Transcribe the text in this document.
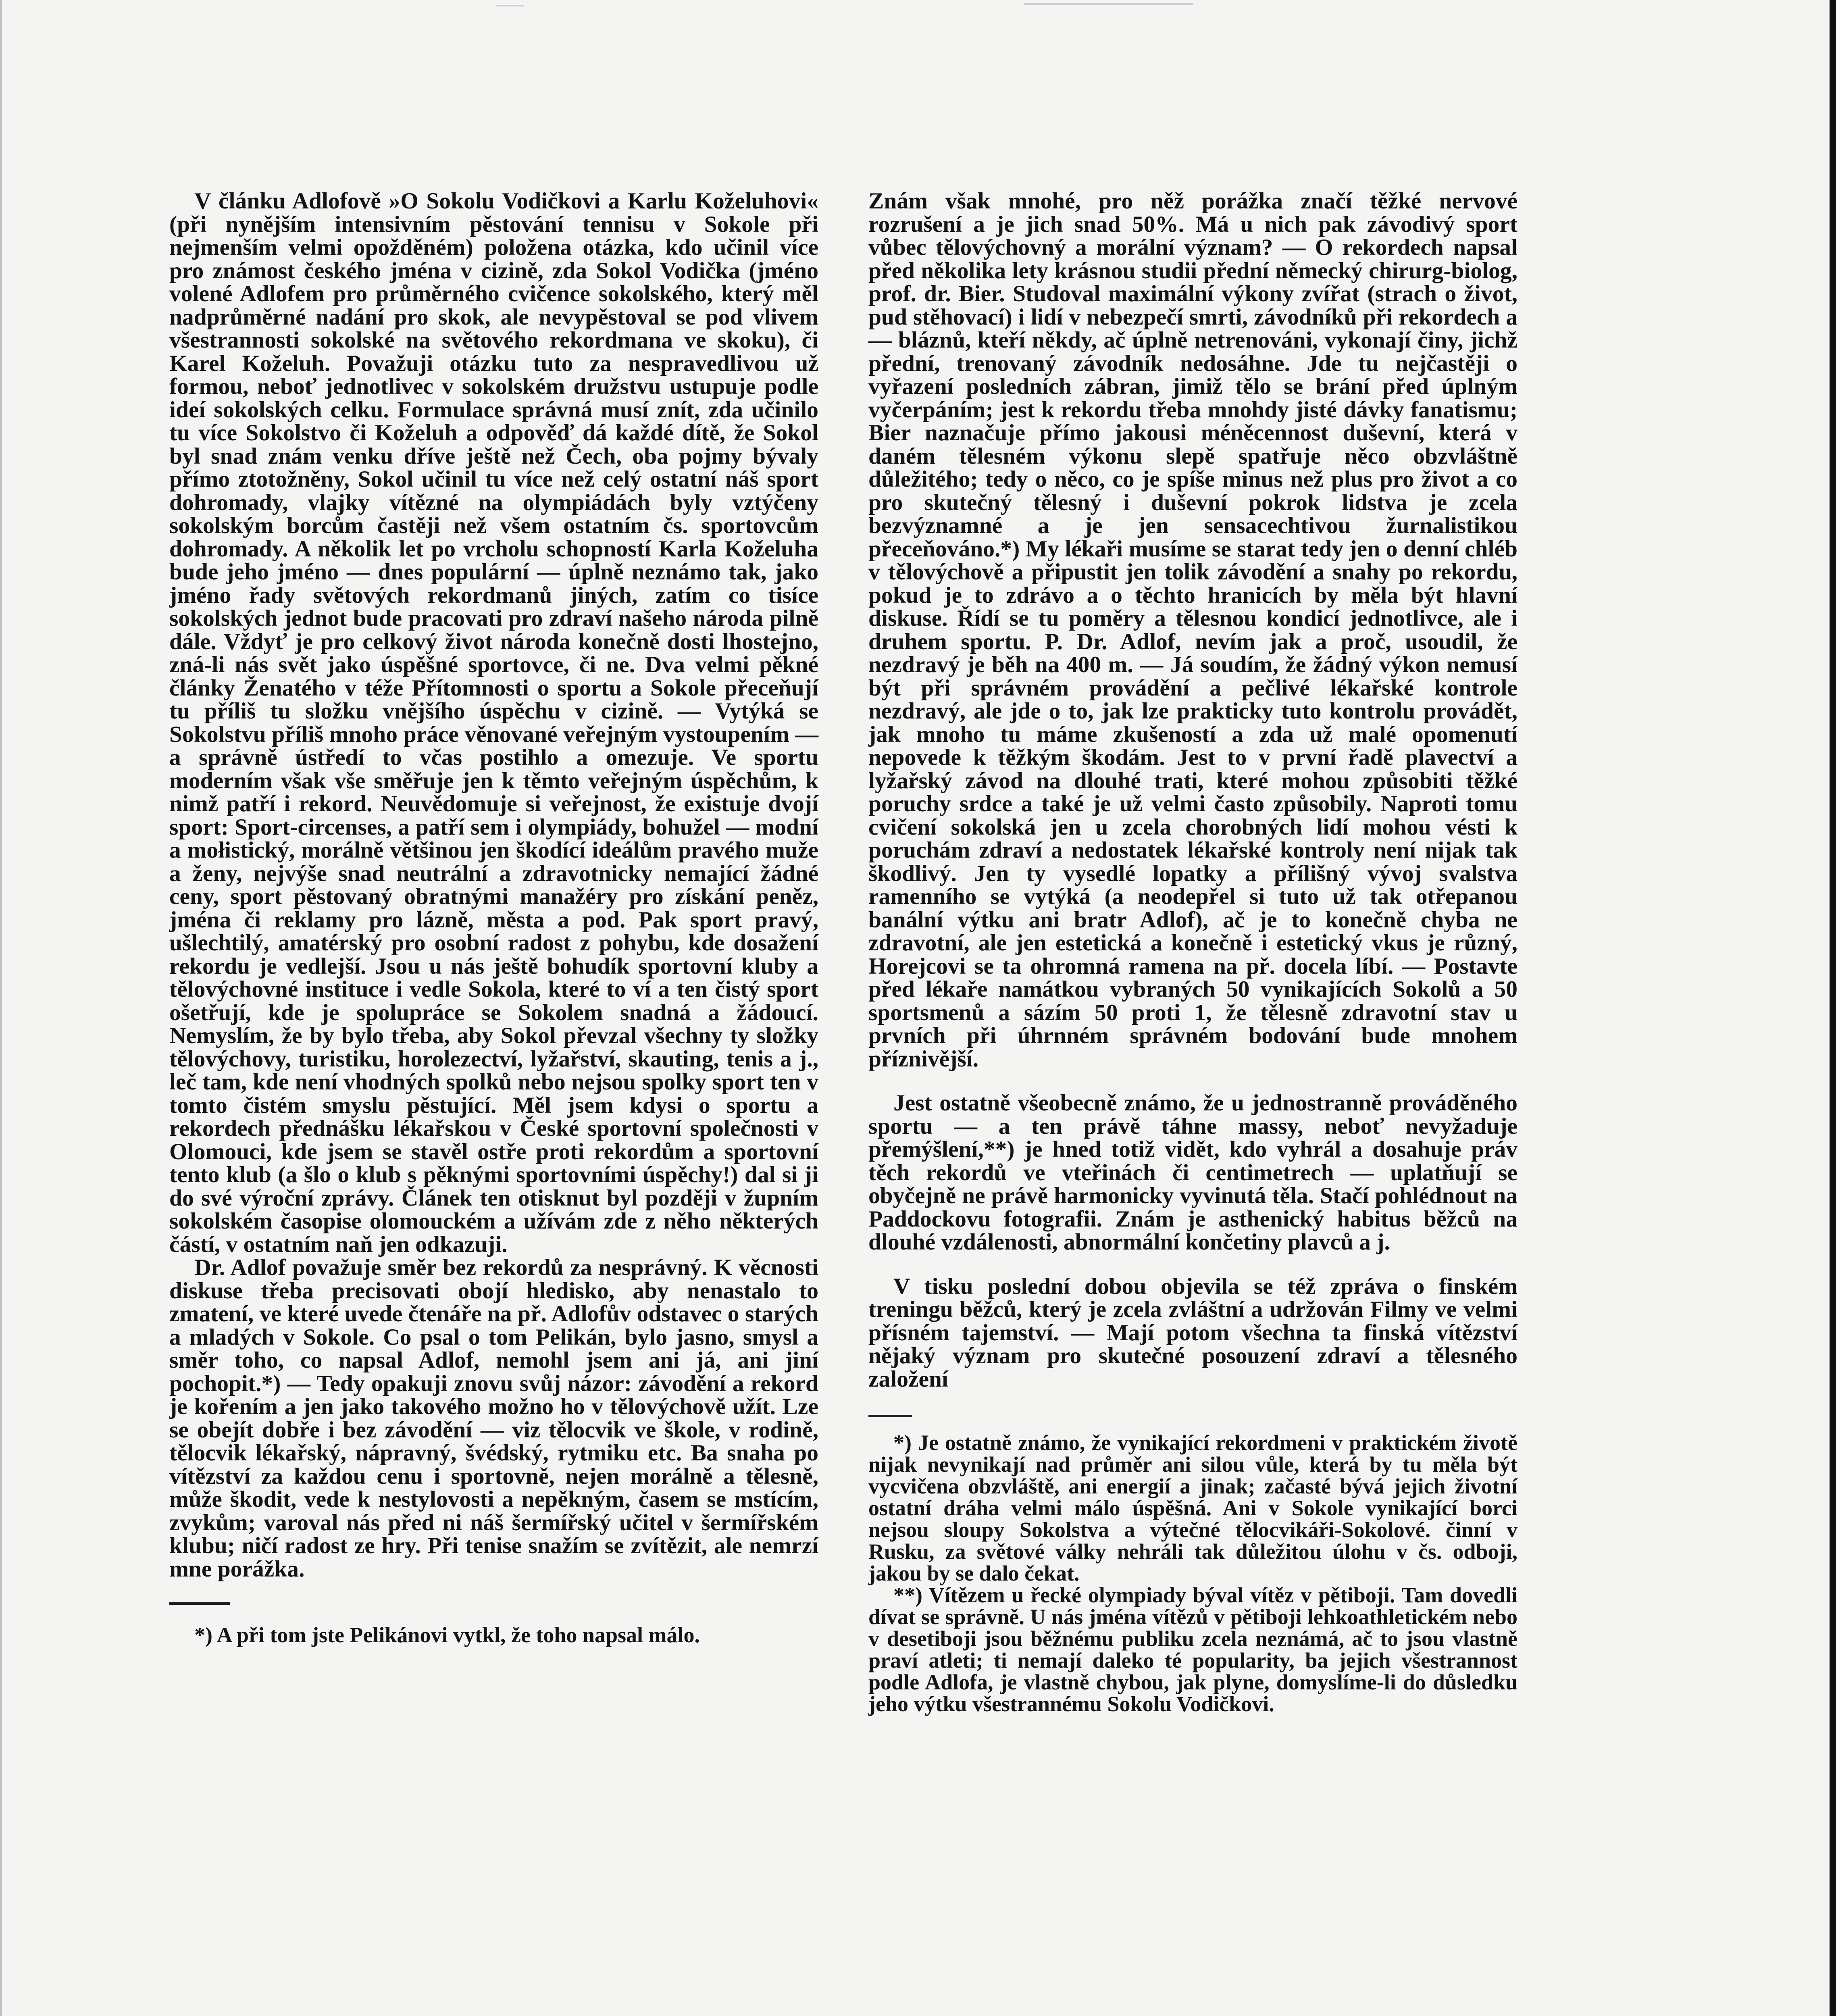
V článku Adlofově »O Sokolu Vodičkovi a Karlu Koželuhovi« (při nynějším intensivním pěstování tennisu v Sokole při nejmenším velmi opožděném) položena otázka, kdo učinil více pro známost českého jména v cizině, zda Sokol Vodička (jméno volené Adlofem pro průměrného cvičence sokolského, který měl nadprůměrné nadání pro skok, ale nevypěstoval se pod vlivem všestrannosti sokolské na světového rekordmana ve skoku), či Karel Koželuh. Považuji otázku tuto za nespravedlivou už formou, neboť jednotlivec v sokolském družstvu ustupuje podle ideí sokolských celku. Formulace správná musí znít, zda učinilo tu více Sokolstvo či Koželuh a odpověď dá každé dítě, že Sokol byl snad znám venku dříve ještě než Čech, oba pojmy bývaly přímo ztotožněny, Sokol učinil tu více než celý ostatní náš sport dohromady, vlajky vítězné na olympiádách byly vztýčeny sokolským borcům častěji než všem ostatním čs. sportovcům dohromady. A několik let po vrcholu schopností Karla Koželuha bude jeho jméno — dnes populární — úplně neznámo tak, jako jméno řady světových rekordmanů jiných, zatím co tisíce sokolských jednot bude pracovati pro zdraví našeho národa pilně dále. Vždyť je pro celkový život národa konečně dosti lhostejno, zná-li nás svět jako úspěšné sportovce, či ne. Dva velmi pěkné články Ženatého v téže Přítomnosti o sportu a Sokole přeceňují tu příliš tu složku vnějšího úspěchu v cizině. — Vytýká se Sokolstvu příliš mnoho práce věnované veřejným vystoupením — a správně ústředí to včas postihlo a omezuje. Ve sportu moderním však vše směřuje jen k těmto veřejným úspěchům, k nimž patří i rekord. Neuvědomuje si veřejnost, že existuje dvojí sport: Sport-circenses, a patří sem i olympiády, bohužel — modní a mołistický, morálně většinou jen škodící ideálům pravého muže a ženy, nejvýše snad neutrální a zdravotnicky nemající žádné ceny, sport pěstovaný obratnými manažéry pro získání peněz, jména či reklamy pro lázně, města a pod. Pak sport pravý, ušlechtilý, amatérský pro osobní radost z pohybu, kde dosažení rekordu je vedlejší. Jsou u nás ještě bohudík sportovní kluby a tělovýchovné instituce i vedle Sokola, které to ví a ten čistý sport ošetřují, kde je spolupráce se Sokolem snadná a žádoucí. Nemyslím, že by bylo třeba, aby Sokol převzal všechny ty složky tělovýchovy, turistiku, horolezectví, lyžařství, skauting, tenis a j., leč tam, kde není vhodných spolků nebo nejsou spolky sport ten v tomto čistém smyslu pěstující. Měl jsem kdysi o sportu a rekordech přednášku lékařskou v České sportovní společnosti v Olomouci, kde jsem se stavěl ostře proti rekordům a sportovní tento klub (a šlo o klub s pěknými sportovními úspěchy!) dal si ji do své výroční zprávy. Článek ten otisknut byl později v župním sokolském časopise olomouckém a užívám zde z něho některých částí, v ostatním naň jen odkazuji.

Dr. Adlof považuje směr bez rekordů za nesprávný. K věcnosti diskuse třeba precisovati obojí hledisko, aby nenastalo to zmatení, ve které uvede čtenáře na př. Adlofův odstavec o starých a mladých v Sokole. Co psal o tom Pelikán, bylo jasno, smysl a směr toho, co napsal Adlof, nemohl jsem ani já, ani jiní pochopit.*) — Tedy opakuji znovu svůj názor: závodění a rekord je kořením a jen jako takového možno ho v tělovýchově užít. Lze se obejít dobře i bez závodění — viz tělocvik ve škole, v rodině, tělocvik lékařský, nápravný, švédský, rytmiku etc. Ba snaha po vítězství za každou cenu i sportovně, nejen morálně a tělesně, může škodit, vede k nestylovosti a nepěkným, časem se mstícím, zvykům; varoval nás před ni náš šermířský učitel v šermířském klubu; ničí radost ze hry. Při tenise snažím se zvítězit, ale nemrzí mne porážka.

*) A při tom jste Pelikánovi vytkl, že toho napsal málo.

Znám však mnohé, pro něž porážka značí těžké nervové rozrušení a je jich snad 50%. Má u nich pak závodivý sport vůbec tělovýchovný a morální význam? — O rekordech napsal před několika lety krásnou studii přední německý chirurg-biolog, prof. dr. Bier. Studoval maximální výkony zvířat (strach o život, pud stěhovací) i lidí v nebezpečí smrti, závodníků při rekordech a — bláznů, kteří někdy, ač úplně netrenováni, vykonají činy, jichž přední, trenovaný závodník nedosáhne. Jde tu nejčastěji o vyřazení posledních zábran, jimiž tělo se brání před úplným vyčerpáním; jest k rekordu třeba mnohdy jisté dávky fanatismu; Bier naznačuje přímo jakousi méněcennost duševní, která v daném tělesném výkonu slepě spatřuje něco obzvláštně důležitého; tedy o něco, co je spíše minus než plus pro život a co pro skutečný tělesný i duševní pokrok lidstva je zcela bezvýznamné a je jen sensacechtivou žurnalistikou přeceňováno.*) My lékaři musíme se starat tedy jen o denní chléb v tělovýchově a připustit jen tolik závodění a snahy po rekordu, pokud je to zdrávo a o těchto hranicích by měla být hlavní diskuse. Řídí se tu poměry a tělesnou kondicí jednotlivce, ale i druhem sportu. P. Dr. Adlof, nevím jak a proč, usoudil, že nezdravý je běh na 400 m. — Já soudím, že žádný výkon nemusí být při správném provádění a pečlivé lékařské kontrole nezdravý, ale jde o to, jak lze prakticky tuto kontrolu provádět, jak mnoho tu máme zkušeností a zda už malé opomenutí nepovede k těžkým škodám. Jest to v první řadě plavectví a lyžařský závod na dlouhé trati, které mohou způsobiti těžké poruchy srdce a také je už velmi často způsobily. Naproti tomu cvičení sokolská jen u zcela chorobných lidí mohou vésti k poruchám zdraví a nedostatek lékařské kontroly není nijak tak škodlivý. Jen ty vysedlé lopatky a přílišný vývoj svalstva ramenního se vytýká (a neodepřel si tuto už tak otřepanou banální výtku ani bratr Adlof), ač je to konečně chyba ne zdravotní, ale jen estetická a konečně i estetický vkus je různý, Horejcovi se ta ohromná ramena na př. docela líbí. — Postavte před lékaře namátkou vybraných 50 vynikajících Sokolů a 50 sportsmenů a sázím 50 proti 1, že tělesně zdravotní stav u prvních při úhrnném správném bodování bude mnohem příznivější.

Jest ostatně všeobecně známo, že u jednostranně prováděného sportu — a ten právě táhne massy, neboť nevyžaduje přemýšlení,**) je hned totiž vidět, kdo vyhrál a dosahuje práv těch rekordů ve vteřinách či centimetrech — uplatňují se obyčejně ne právě harmonicky vyvinutá těla. Stačí pohlédnout na Paddockovu fotografii. Znám je asthenický habitus běžců na dlouhé vzdálenosti, abnormální končetiny plavců a j.

V tisku poslední dobou objevila se též zpráva o finském treningu běžců, který je zcela zvláštní a udržován Filmy ve velmi přísném tajemství. — Mají potom všechna ta finská vítězství nějaký význam pro skutečné posouzení zdraví a tělesného založení

*) Je ostatně známo, že vynikající rekordmeni v praktickém životě nijak nevynikají nad průměr ani silou vůle, která by tu měla být vycvičena obzvláště, ani energií a jinak; začasté bývá jejich životní ostatní dráha velmi málo úspěšná. Ani v Sokole vynikající borci nejsou sloupy Sokolstva a výtečné tělocvikáři-Sokolové. činní v Rusku, za světové války nehráli tak důležitou úlohu v čs. odboji, jakou by se dalo čekat.

**) Vítězem u řecké olympiady býval vítěz v pětiboji. Tam dovedli dívat se správně. U nás jména vítězů v pětiboji lehkoathletickém nebo v desetiboji jsou běžnému publiku zcela neznámá, ač to jsou vlastně praví atleti; ti nemají daleko té popularity, ba jejich všestrannost podle Adlofa, je vlastně chybou, jak plyne, domyslíme-li do důsledku jeho výtku všestrannému Sokolu Vodičkovi.
